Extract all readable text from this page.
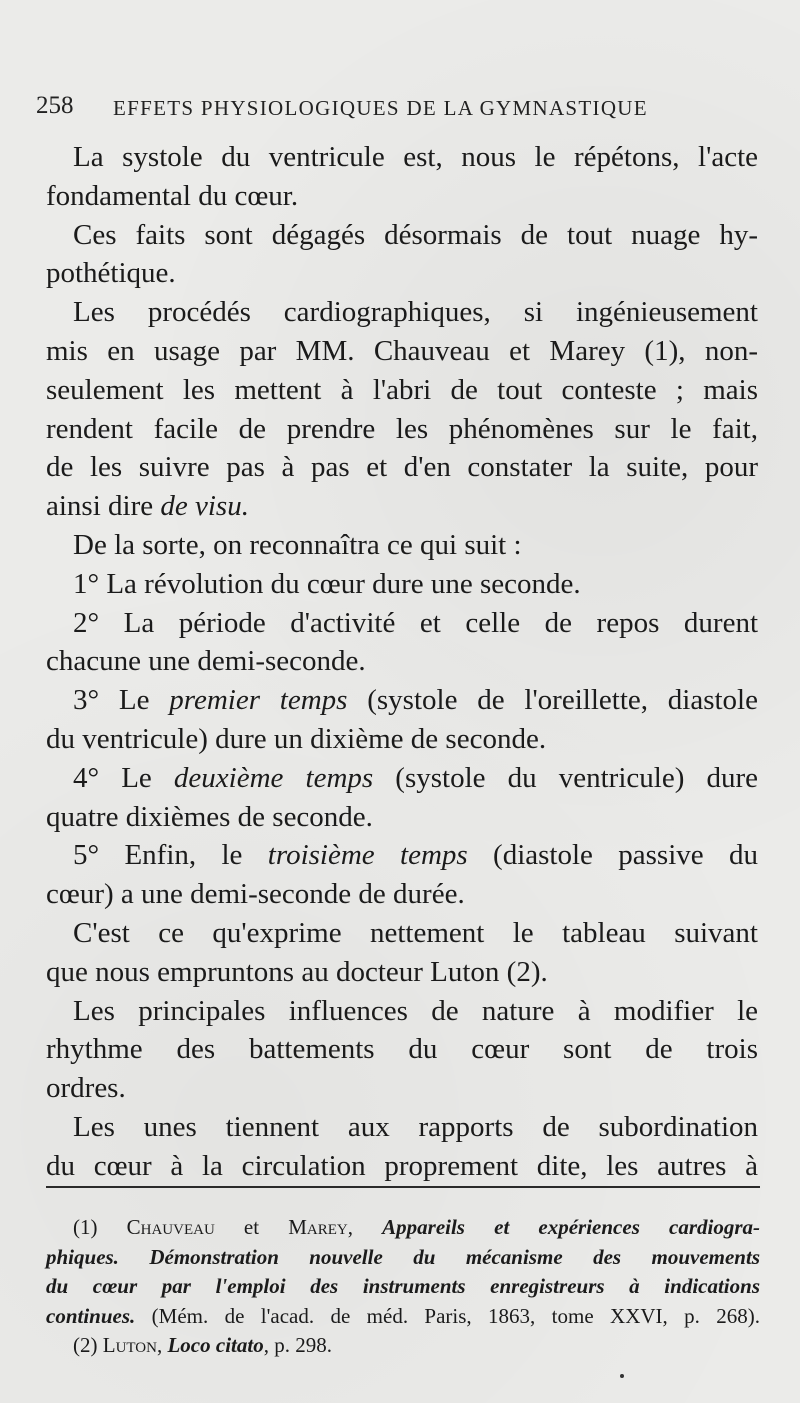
258 EFFETS PHYSIOLOGIQUES DE LA GYMNASTIQUE
La systole du ventricule est, nous le répétons, l'acte
fondamental du cœur.
Ces faits sont dégagés désormais de tout nuage hy-
pothétique.
Les procédés cardiographiques, si ingénieusement
mis en usage par MM. Chauveau et Marey (1), non-
seulement les mettent à l'abri de tout conteste ; mais
rendent facile de prendre les phénomènes sur le fait,
de les suivre pas à pas et d'en constater la suite, pour
ainsi dire de visu.
De la sorte, on reconnaîtra ce qui suit :
1° La révolution du cœur dure une seconde.
2° La période d'activité et celle de repos durent
chacune une demi-seconde.
3° Le premier temps (systole de l'oreillette, diastole
du ventricule) dure un dixième de seconde.
4° Le deuxième temps (systole du ventricule) dure
quatre dixièmes de seconde.
5° Enfin, le troisième temps (diastole passive du
cœur) a une demi-seconde de durée.
C'est ce qu'exprime nettement le tableau suivant
que nous empruntons au docteur Luton (2).
Les principales influences de nature à modifier le
rhythme des battements du cœur sont de trois
ordres.
Les unes tiennent aux rapports de subordination
du cœur à la circulation proprement dite, les autres à
(1) Chauveau et Marey, Appareils et expériences cardiogra-
phiques. Démonstration nouvelle du mécanisme des mouvements
du cœur par l'emploi des instruments enregistreurs à indications
continues. (Mém. de l'acad. de méd. Paris, 1863, tome XXVI, p. 268).
(2) Luton, Loco citato, p. 298.
